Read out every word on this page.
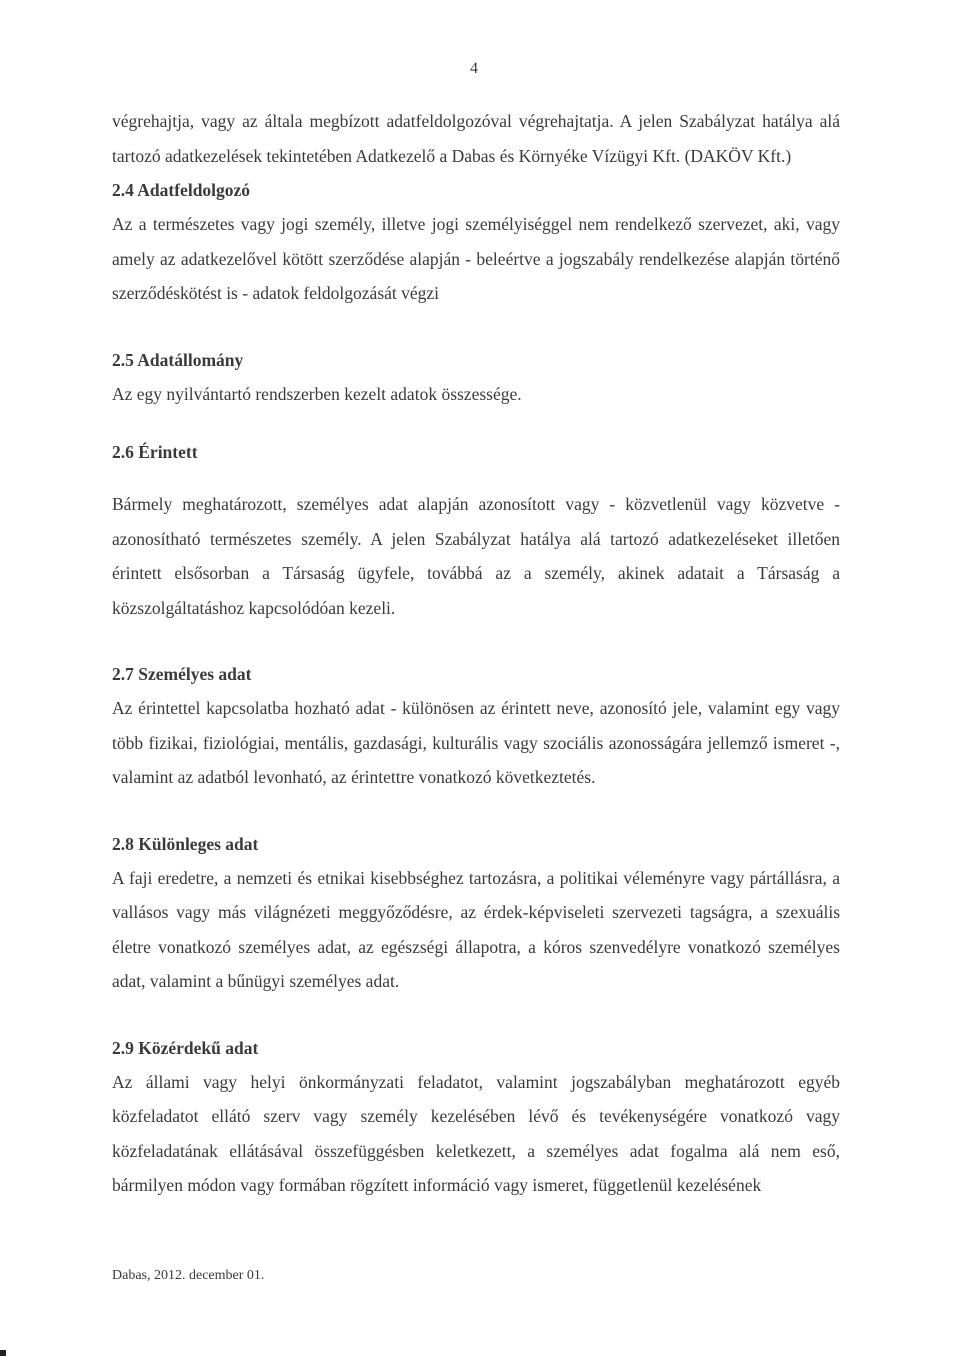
4

végrehajtja, vagy az általa megbízott adatfeldolgozóval végrehajtatja. A jelen Szabályzat hatálya alá tartozó adatkezelések tekintetében Adatkezelő a Dabas és Környéke Vízügyi Kft. (DAKÖV Kft.)

2.4 Adatfeldolgozó

Az a természetes vagy jogi személy, illetve jogi személyiséggel nem rendelkező szervezet, aki, vagy amely az adatkezelővel kötött szerződése alapján - beleértve a jogszabály rendelkezése alapján történő szerződéskötést is - adatok feldolgozását végzi

2.5 Adatállomány

Az egy nyilvántartó rendszerben kezelt adatok összessége.

2.6 Érintett

Bármely meghatározott, személyes adat alapján azonosított vagy - közvetlenül vagy közvetve - azonosítható természetes személy. A jelen Szabályzat hatálya alá tartozó adatkezeléseket illetően érintett elsősorban a Társaság ügyfele, továbbá az a személy, akinek adatait a Társaság a közszolgáltatáshoz kapcsolódóan kezeli.

2.7 Személyes adat

Az érintettel kapcsolatba hozható adat - különösen az érintett neve, azonosító jele, valamint egy vagy több fizikai, fiziológiai, mentális, gazdasági, kulturális vagy szociális azonosságára jellemző ismeret -, valamint az adatból levonható, az érintettre vonatkozó következtetés.

2.8 Különleges adat

A faji eredetre, a nemzeti és etnikai kisebbséghez tartozásra, a politikai véleményre vagy pártállásra, a vallásos vagy más világnézeti meggyőződésre, az érdek-képviseleti szervezeti tagságra, a szexuális életre vonatkozó személyes adat, az egészségi állapotra, a kóros szenvedélyre vonatkozó személyes adat, valamint a bűnügyi személyes adat.

2.9 Közérdekű adat

Az állami vagy helyi önkormányzati feladatot, valamint jogszabályban meghatározott egyéb közfeladatot ellátó szerv vagy személy kezelésében lévő és tevékenységére vonatkozó vagy közfeladatának ellátásával összefüggésben keletkezett, a személyes adat fogalma alá nem eső, bármilyen módon vagy formában rögzített információ vagy ismeret, függetlenül kezelésének

Dabas, 2012. december 01.
